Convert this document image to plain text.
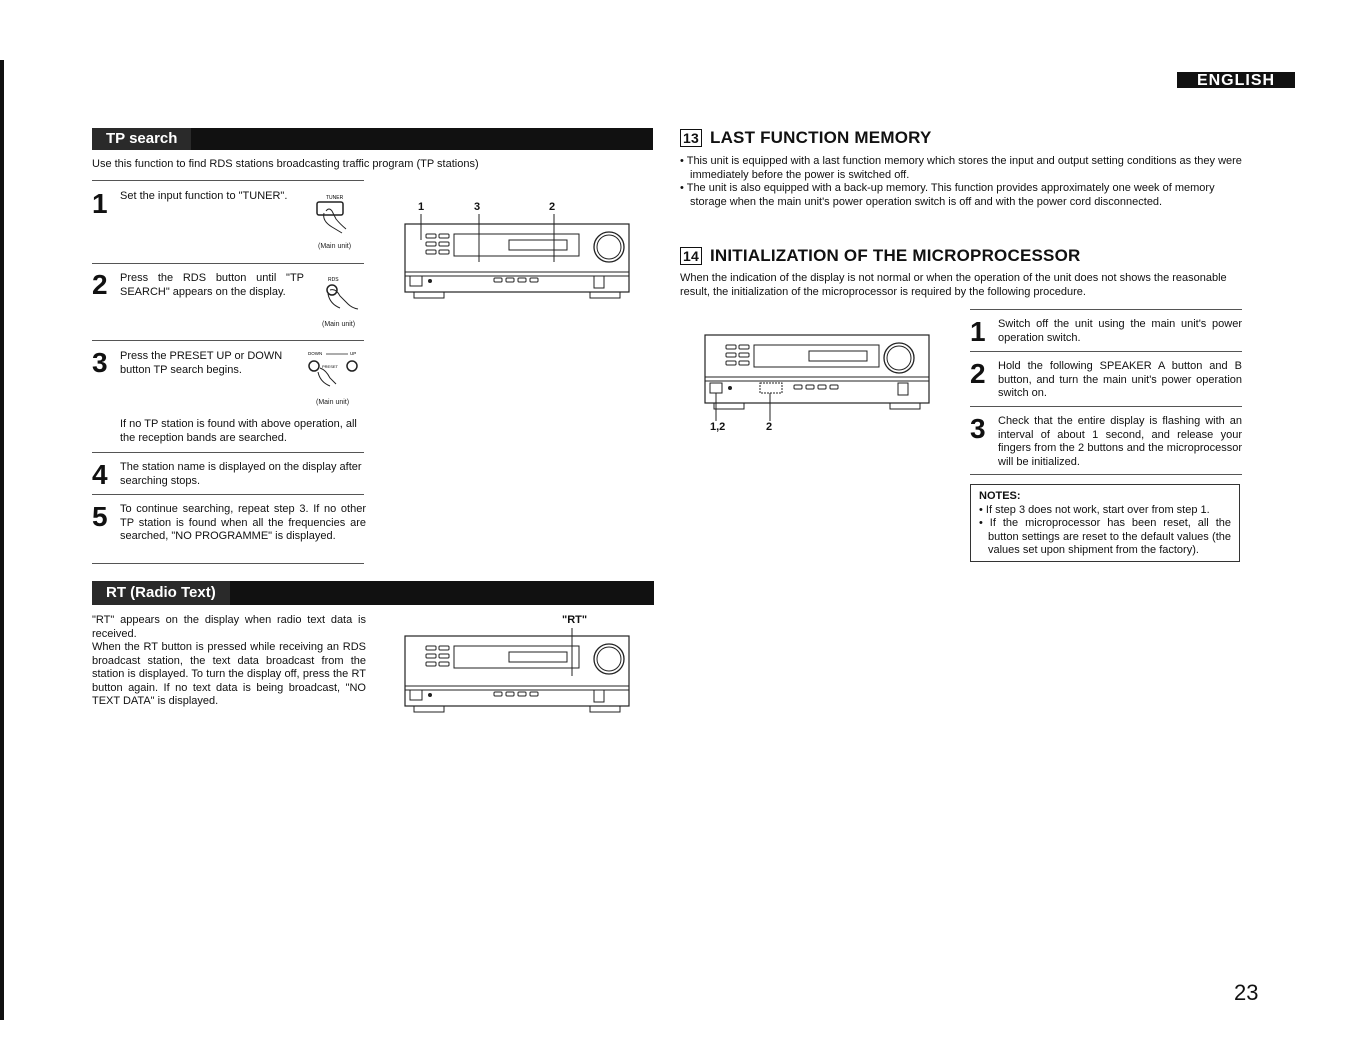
ENGLISH
TP search
Use this function to find RDS stations broadcasting traffic program (TP stations)
1 Set the input function to "TUNER".	TUNER
(Main unit)
2 Press the RDS button until "TP SEARCH" appears on the display.
RDS
(Main unit)
3 Press the PRESET UP or DOWN button TP search begins.
DOWN	UP
PRESET
(Main unit)
If no TP station is found with above operation, all the reception bands are searched.
4 The station name is displayed on the display after searching stops.
5 To continue searching, repeat step 3. If no other TP station is found when all the frequencies are searched, "NO PROGRAMME" is displayed.
1	3	2
RT (Radio Text)
"RT" appears on the display when radio text data is received.
When the RT button is pressed while receiving an RDS broadcast station, the text data broadcast from the station is displayed. To turn the display off, press the RT button again. If no text data is being broadcast, "NO TEXT DATA" is displayed.
"RT"
13 LAST FUNCTION MEMORY
• This unit is equipped with a last function memory which stores the input and output setting conditions as they were immediately before the power is switched off.
• The unit is also equipped with a back-up memory. This function provides approximately one week of memory storage when the main unit's power operation switch is off and with the power cord disconnected.
14 INITIALIZATION OF THE MICROPROCESSOR
When the indication of the display is not normal or when the operation of the unit does not shows the reasonable result, the initialization of the microprocessor is required by the following procedure.
1,2	2
1 Switch off the unit using the main unit's power operation switch.
2 Hold the following SPEAKER A button and B button, and turn the main unit's power operation switch on.
3 Check that the entire display is flashing with an interval of about 1 second, and release your fingers from the 2 buttons and the microprocessor will be initialized.
NOTES:
• If step 3 does not work, start over from step 1.
• If the microprocessor has been reset, all the button settings are reset to the default values (the values set upon shipment from the factory).
23
